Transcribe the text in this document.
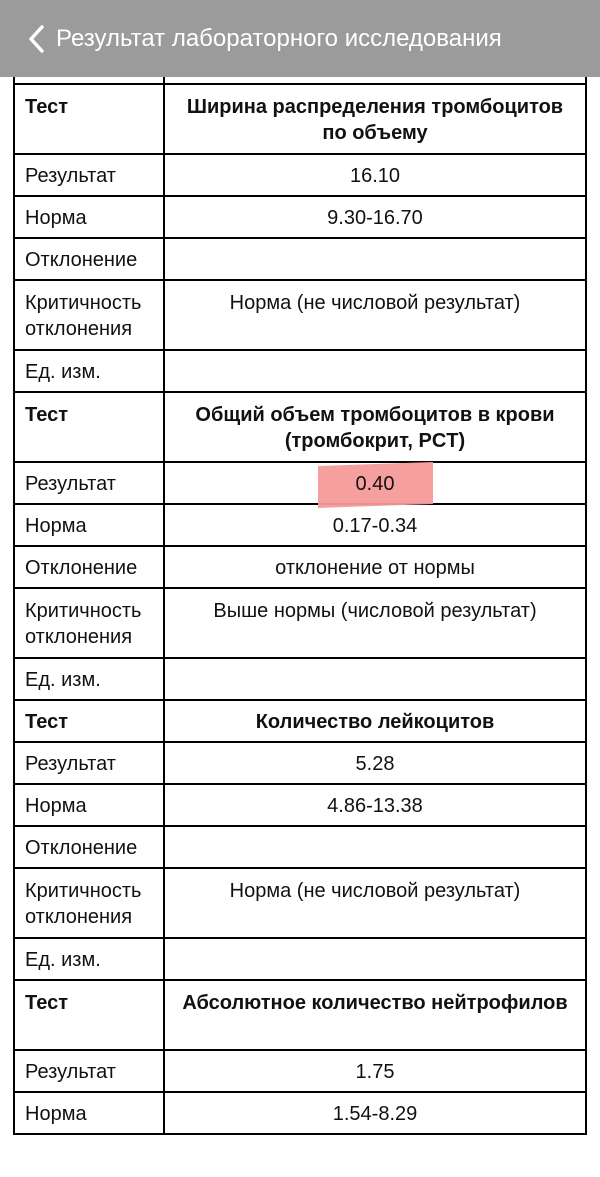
Результат лабораторного исследования

Тест	Ширина распределения тромбоцитов по объему
Результат	16.10
Норма	9.30-16.70
Отклонение	
Критичность отклонения	Норма (не числовой результат)
Ед. изм.	
Тест	Общий объем тромбоцитов в крови (тромбокрит, PCT)
Результат	0.40
Норма	0.17-0.34
Отклонение	отклонение от нормы
Критичность отклонения	Выше нормы (числовой результат)
Ед. изм.	
Тест	Количество лейкоцитов
Результат	5.28
Норма	4.86-13.38
Отклонение	
Критичность отклонения	Норма (не числовой результат)
Ед. изм.	
Тест	Абсолютное количество нейтрофилов
Результат	1.75
Норма	1.54-8.29
